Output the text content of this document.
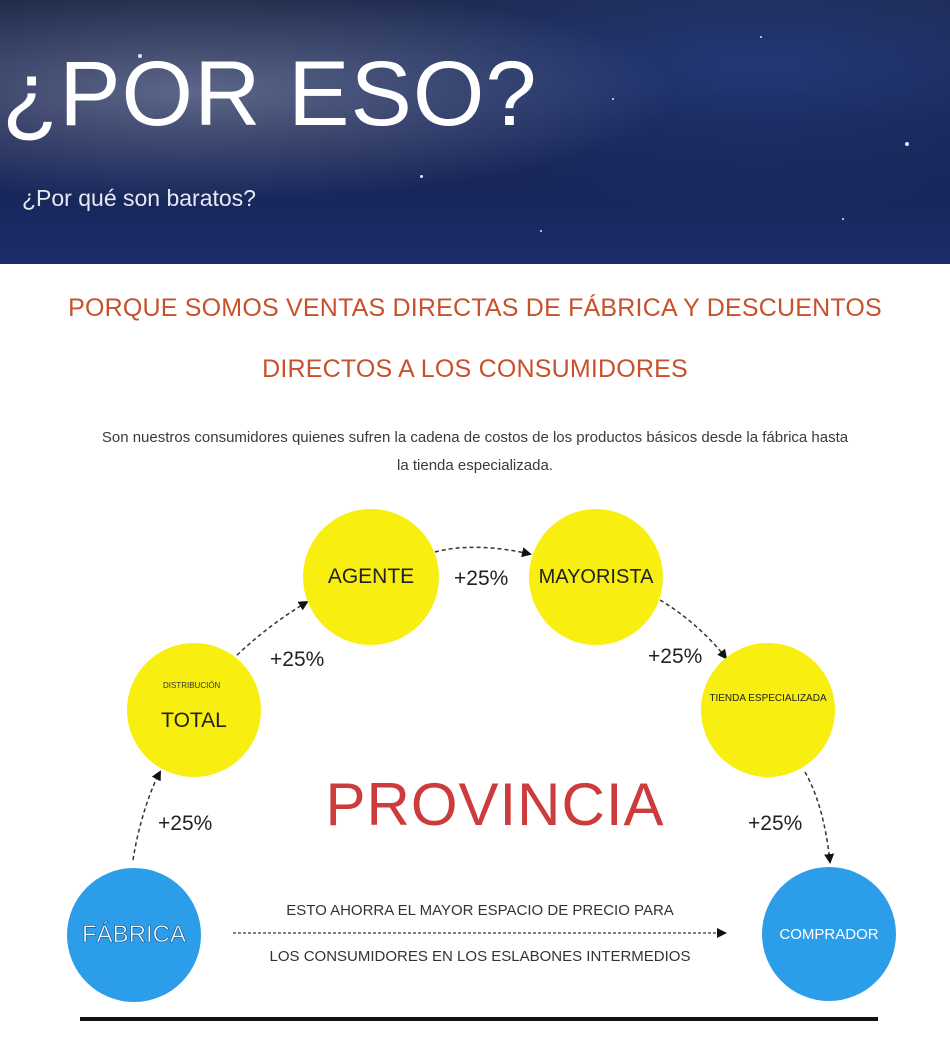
¿POR ESO?

¿Por qué son baratos?

PORQUE SOMOS VENTAS DIRECTAS DE FÁBRICA Y DESCUENTOS
DIRECTOS A LOS CONSUMIDORES

Son nuestros consumidores quienes sufren la cadena de costos de los productos básicos desde la fábrica hasta la tienda especializada.

DISTRIBUCIÓN
TOTAL
AGENTE	MAYORISTA
TIENDA ESPECIALIZADA
FÁBRICA	COMPRADOR
+25%
+25%
+25%
+25%
+25%

PROVINCIA

ESTO AHORRA EL MAYOR ESPACIO DE PRECIO PARA

LOS CONSUMIDORES EN LOS ESLABONES INTERMEDIOS
